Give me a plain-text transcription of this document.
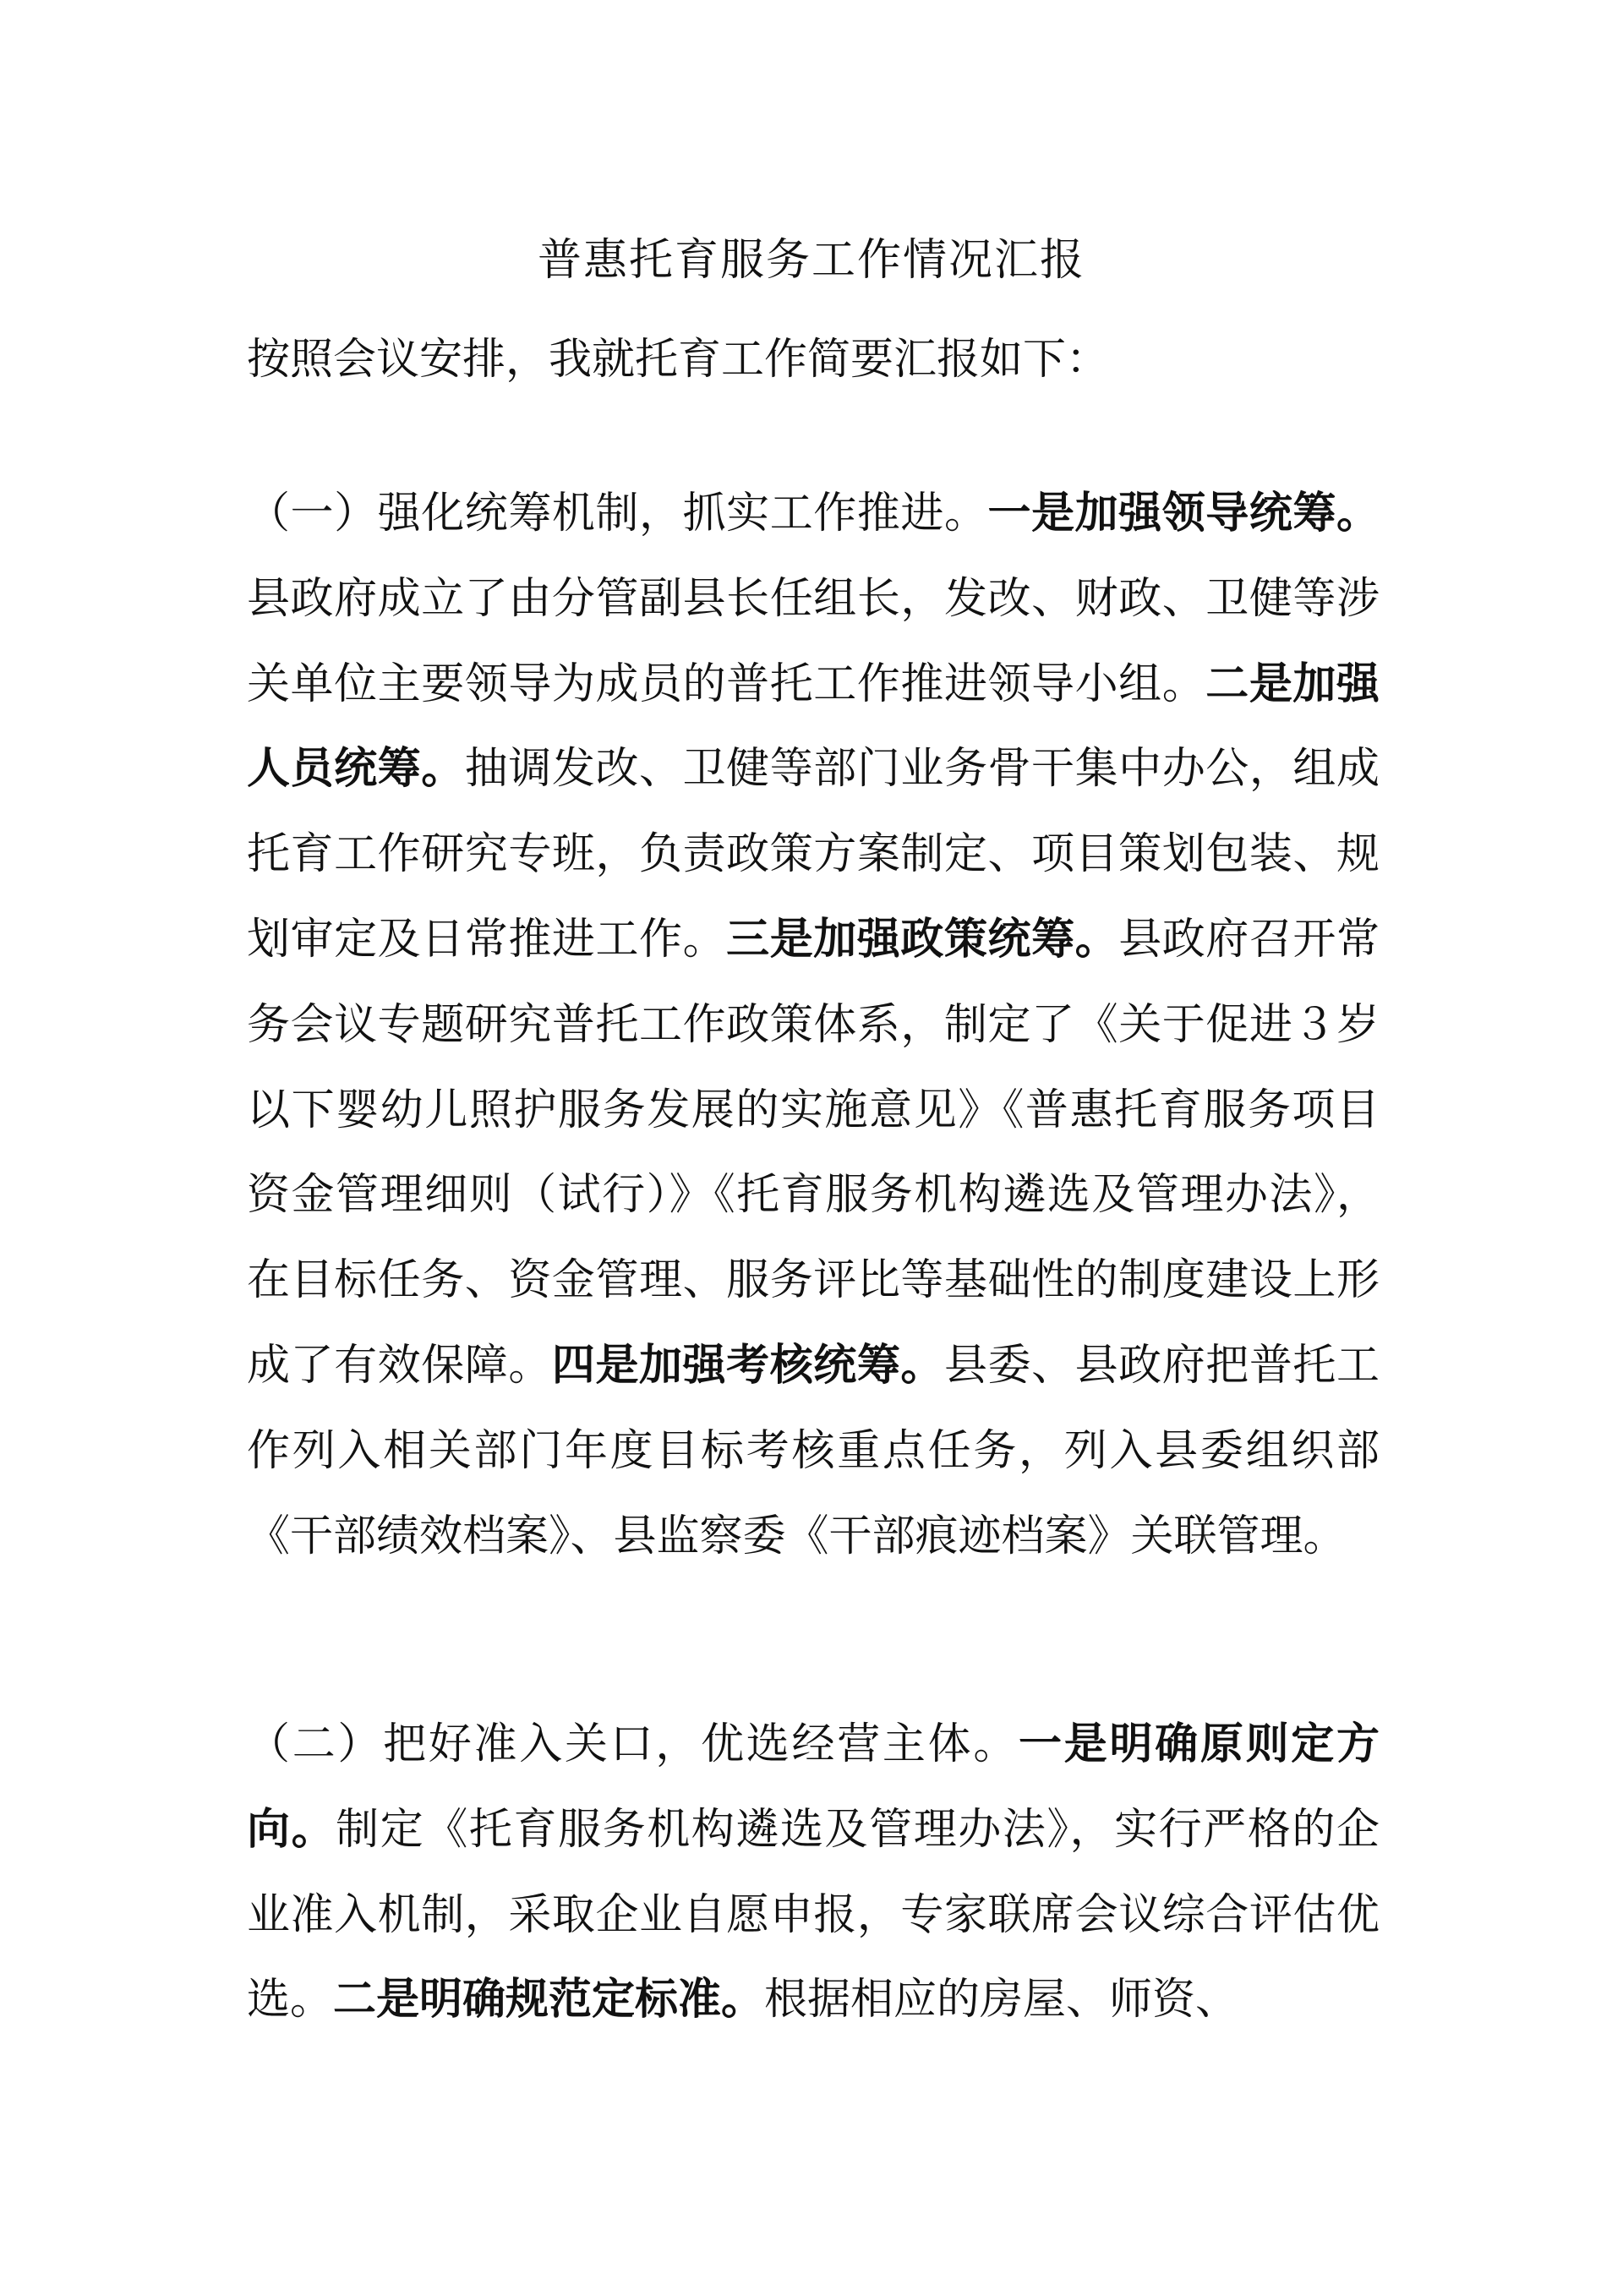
普惠托育服务工作情况汇报
按照会议安排，我就托育工作简要汇报如下：
（一）强化统筹机制，抓实工作推进。一是加强领导统筹。县政府成立了由分管副县长任组长，发改、财政、卫健等涉关单位主要领导为成员的普托工作推进领导小组。二是加强人员统筹。抽调发改、卫健等部门业务骨干集中办公，组成托育工作研究专班，负责政策方案制定、项目策划包装、规划审定及日常推进工作。三是加强政策统筹。县政府召开常务会议专题研究普托工作政策体系，制定了《关于促进３岁以下婴幼儿照护服务发展的实施意见》《普惠托育服务项目资金管理细则（试行）》《托育服务机构遴选及管理办法》，在目标任务、资金管理、服务评比等基础性的制度建设上形成了有效保障。四是加强考核统筹。县委、县政府把普托工作列入相关部门年度目标考核重点任务，列入县委组织部《干部绩效档案》、县监察委《干部痕迹档案》关联管理。
（二）把好准入关口，优选经营主体。一是明确原则定方向。制定《托育服务机构遴选及管理办法》，实行严格的企业准入机制，采取企业自愿申报，专家联席会议综合评估优选。二是明确规范定标准。根据相应的房屋、师资、
